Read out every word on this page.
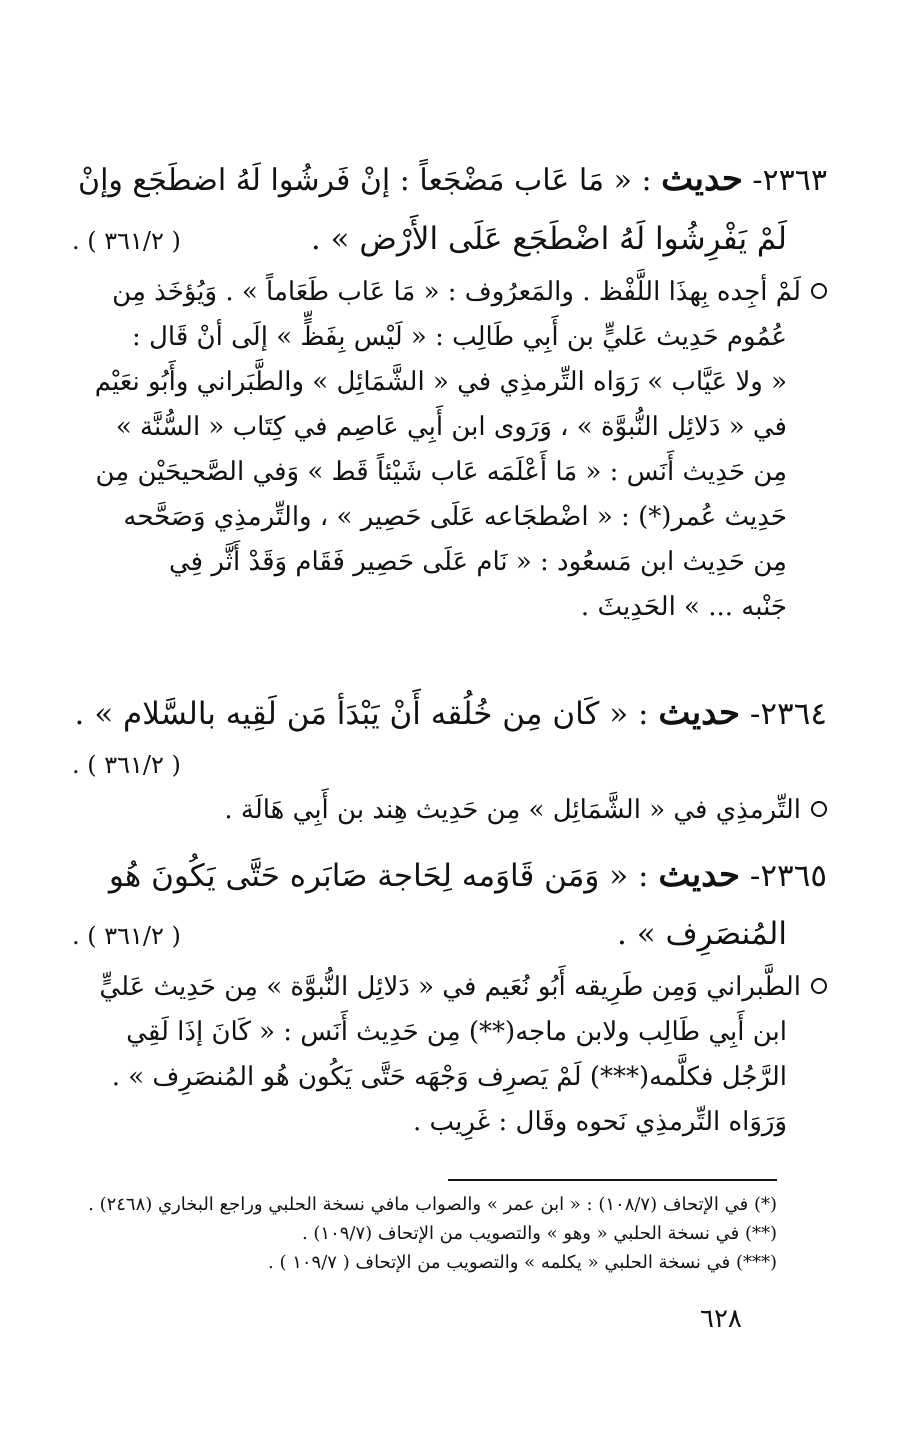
٢٣٦٣- حديث : « مَا عَاب مَضْجَعاً : إنْ فَرشُوا لَهُ اضطَجَع وإنْ
لَمْ يَفْرِشُوا لَهُ اضْطَجَع عَلَى الأَرْض » .
( ٣٦١/٢ ) .
لَمْ أجِده بِهذَا اللَّفْظ . والمَعرُوف : « مَا عَاب طَعَاماً » . وَيُؤخَذ مِن
عُمُوم حَدِيث عَليٍّ بن أَبِي طَالِب : « لَيْس بِفَظٍّ » إلَى أنْ قَال :
« ولا عَيَّاب » رَوَاه التِّرمذِي في « الشَّمَائِل » والطَّبَراني وأَبُو نعَيْم
في « دَلائِل النُّبوَّة » ، وَرَوى ابن أَبِي عَاصِم في كِتَاب « السُّنَّة »
مِن حَدِيث أَنَس : « مَا أَعْلَمَه عَاب شَيْئاً قَط » وَفي الصَّحيحَيْن مِن
حَدِيث عُمر(*) : « اضْطجَاعه عَلَى حَصِير » ، والتِّرمذِي وَصَحَّحه
مِن حَدِيث ابن مَسعُود : « نَام عَلَى حَصِير فَقَام وَقَدْ أَثَّر فِي
جَنْبه ... » الحَدِيثَ .
٢٣٦٤- حديث : « كَان مِن خُلُقه أَنْ يَبْدَأ مَن لَقِيه بالسَّلام » .
( ٣٦١/٢ ) .
التِّرمذِي في « الشَّمَائِل » مِن حَدِيث هِند بن أَبِي هَالَة .
٢٣٦٥- حديث : « وَمَن قَاوَمه لِحَاجة صَابَره حَتَّى يَكُونَ هُو
المُنصَرِف » .
( ٣٦١/٢ ) .
الطَّبراني وَمِن طَرِيقه أَبُو نُعَيم في « دَلائِل النُّبوَّة » مِن حَدِيث عَليٍّ
ابن أَبِي طَالِب ولابن ماجه(**) مِن حَدِيث أَنَس : « كَانَ إذَا لَقِي
الرَّجُل فكلَّمه(***) لَمْ يَصرِف وَجْهَه حَتَّى يَكُون هُو المُنصَرِف » .
وَرَوَاه التِّرمذِي نَحوه وقَال : غَرِيب .
(*) في الإتحاف (١٠٨/٧) : « ابن عمر » والصواب مافي نسخة الحلبي وراجع البخاري (٢٤٦٨) .
(**) في نسخة الحلبي « وهو » والتصويب من الإتحاف (١٠٩/٧) .
(***) في نسخة الحلبي « يكلمه » والتصويب من الإتحاف ( ١٠٩/٧ ) .
٦٢٨
